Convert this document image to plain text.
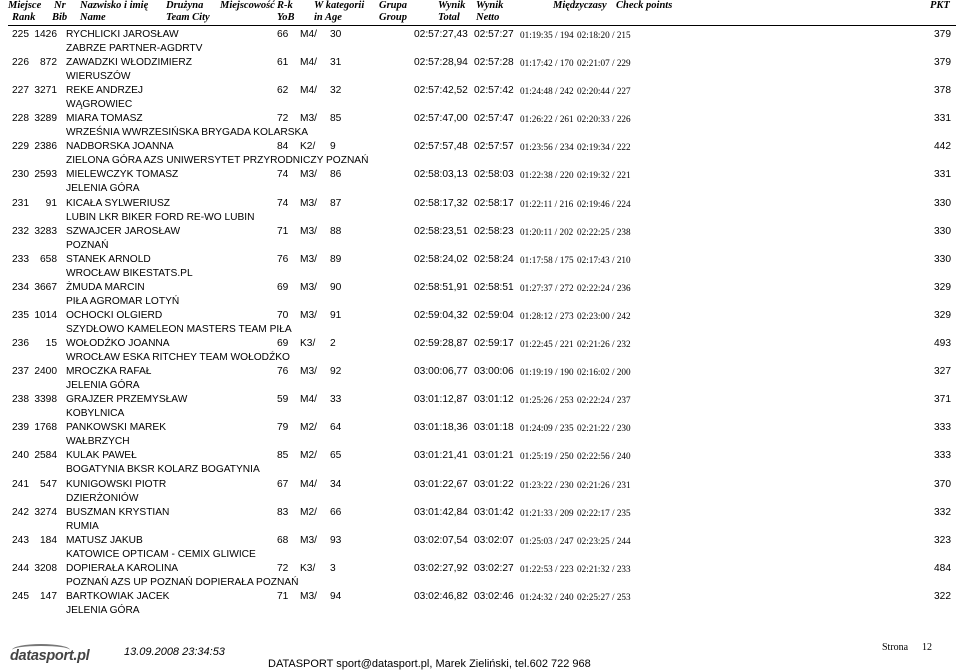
Miejsce
Rank
Nr
Bib
Nazwisko i imię
Name
Drużyna Miejscowość
Team City
R-k
YoB
W kategorii
in Age
Grupa
Group
Wynik
Total
Wynik
Netto
Międzyczasy Check points	PKT
225 1426 RYCHLICKI JAROSŁAW	66 M4/ 30	02:57:27,43 02:57:27 01:19:35 / 194 02:18:20 / 215	379
ZABRZE PARTNER-AGDRTV
226	872 ZAWADZKI WŁODZIMIERZ	61 M4/ 31	02:57:28,94 02:57:28 01:17:42 / 170 02:21:07 / 229	379
WIERUSZÓW
227 3271 REKE ANDRZEJ	62 M4/ 32	02:57:42,52 02:57:42 01:24:48 / 242 02:20:44 / 227	378
WĄGROWIEC
228 3289 MIARA TOMASZ	72 M3/ 85	02:57:47,00 02:57:47 01:26:22 / 261 02:20:33 / 226	331
WRZEŚNIA WWRZESIŃSKA BRYGADA KOLARSKA
229 2386 NADBORSKA JOANNA	84 K2/ 9	02:57:57,48 02:57:57 01:23:56 / 234 02:19:34 / 222	442
ZIELONA GÓRA AZS UNIWERSYTET PRZYRODNICZY POZNAŃ
230 2593 MIELEWCZYK TOMASZ	74 M3/ 86	02:58:03,13 02:58:03 01:22:38 / 220 02:19:32 / 221	331
JELENIA GÓRA
231	91 KICAŁA SYLWERIUSZ	74 M3/ 87	02:58:17,32 02:58:17 01:22:11 / 216 02:19:46 / 224	330
LUBIN LKR BIKER FORD RE-WO LUBIN
232 3283 SZWAJCER JAROSŁAW	71 M3/ 88	02:58:23,51 02:58:23 01:20:11 / 202 02:22:25 / 238	330
POZNAŃ
233	658 STANEK ARNOLD	76 M3/ 89	02:58:24,02 02:58:24 01:17:58 / 175 02:17:43 / 210	330
WROCŁAW BIKESTATS.PL
234 3667 ŻMUDA MARCIN	69 M3/ 90	02:58:51,91 02:58:51 01:27:37 / 272 02:22:24 / 236	329
PIŁA AGROMAR LOTYŃ
235 1014 OCHOCKI OLGIERD	70 M3/ 91	02:59:04,32 02:59:04 01:28:12 / 273 02:23:00 / 242	329
SZYDŁOWO KAMELEON MASTERS TEAM PIŁA
236	15 WOŁODŹKO JOANNA	69 K3/ 2	02:59:28,87 02:59:17 01:22:45 / 221 02:21:26 / 232	493
WROCŁAW ESKA RITCHEY TEAM WOŁODŹKO
237 2400 MROCZKA RAFAŁ	76 M3/ 92	03:00:06,77 03:00:06 01:19:19 / 190 02:16:02 / 200	327
JELENIA GÓRA
238 3398 GRAJZER PRZEMYSŁAW	59 M4/ 33	03:01:12,87 03:01:12 01:25:26 / 253 02:22:24 / 237	371
KOBYLNICA
239 1768 PANKOWSKI MAREK	79 M2/ 64	03:01:18,36 03:01:18 01:24:09 / 235 02:21:22 / 230	333
WAŁBRZYCH
240 2584 KULAK PAWEŁ	85 M2/ 65	03:01:21,41 03:01:21 01:25:19 / 250 02:22:56 / 240	333
BOGATYNIA BKSR KOLARZ BOGATYNIA
241	547 KUNIGOWSKI PIOTR	67 M4/ 34	03:01:22,67 03:01:22 01:23:22 / 230 02:21:26 / 231	370
DZIERŻONIÓW
242 3274 BUSZMAN KRYSTIAN	83 M2/ 66	03:01:42,84 03:01:42 01:21:33 / 209 02:22:17 / 235	332
RUMIA
243	184 MATUSZ JAKUB	68 M3/ 93	03:02:07,54 03:02:07 01:25:03 / 247 02:23:25 / 244	323
KATOWICE OPTICAM - CEMIX GLIWICE
244 3208 DOPIERAŁA KAROLINA	72 K3/ 3	03:02:27,92 03:02:27 01:22:53 / 223 02:21:32 / 233	484
POZNAŃ AZS UP POZNAŃ DOPIERAŁA POZNAŃ
245	147 BARTKOWIAK JACEK	71 M3/ 94	03:02:46,82 03:02:46 01:24:32 / 240 02:25:27 / 253	322
JELENIA GÓRA
datasport.pl	13.09.2008 23:34:53
DATASPORT sport@datasport.pl, Marek Zieliński, tel.602 722 968
Strona 12
